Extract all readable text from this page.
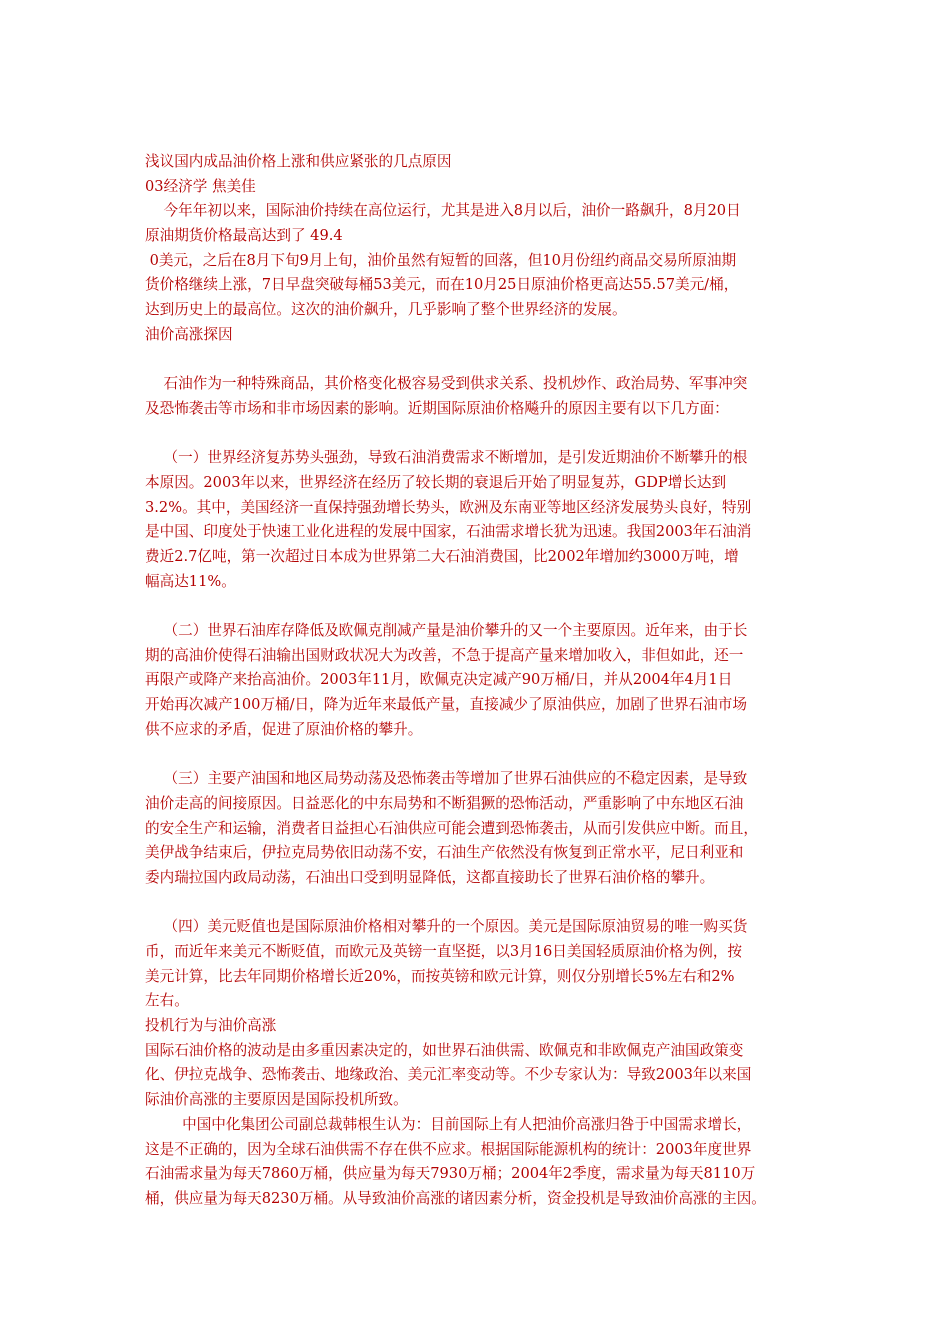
浅议国内成品油价格上涨和供应紧张的几点原因
03经济学 焦美佳
今年年初以来，国际油价持续在高位运行，尤其是进入8月以后，油价一路飙升，8月20日
原油期货价格最高达到了 49.4
0美元，之后在8月下旬9月上旬，油价虽然有短暂的回落，但10月份纽约商品交易所原油期
货价格继续上涨，7日早盘突破每桶53美元，而在10月25日原油价格更高达55.57美元/桶，
达到历史上的最高位。这次的油价飙升，几乎影响了整个世界经济的发展。
油价高涨探因
石油作为一种特殊商品，其价格变化极容易受到供求关系、投机炒作、政治局势、军事冲突
及恐怖袭击等市场和非市场因素的影响。近期国际原油价格飚升的原因主要有以下几方面：
（一）世界经济复苏势头强劲，导致石油消费需求不断增加，是引发近期油价不断攀升的根
本原因。2003年以来，世界经济在经历了较长期的衰退后开始了明显复苏，GDP增长达到
3.2%。其中，美国经济一直保持强劲增长势头，欧洲及东南亚等地区经济发展势头良好，特别
是中国、印度处于快速工业化进程的发展中国家，石油需求增长犹为迅速。我国2003年石油消
费近2.7亿吨，第一次超过日本成为世界第二大石油消费国，比2002年增加约3000万吨，增
幅高达11%。
（二）世界石油库存降低及欧佩克削减产量是油价攀升的又一个主要原因。近年来，由于长
期的高油价使得石油输出国财政状况大为改善，不急于提高产量来增加收入，非但如此，还一
再限产或降产来抬高油价。2003年11月，欧佩克决定减产90万桶/日，并从2004年4月1日
开始再次减产100万桶/日，降为近年来最低产量，直接减少了原油供应，加剧了世界石油市场
供不应求的矛盾，促进了原油价格的攀升。
（三）主要产油国和地区局势动荡及恐怖袭击等增加了世界石油供应的不稳定因素，是导致
油价走高的间接原因。日益恶化的中东局势和不断猖獗的恐怖活动，严重影响了中东地区石油
的安全生产和运输，消费者日益担心石油供应可能会遭到恐怖袭击，从而引发供应中断。而且，
美伊战争结束后，伊拉克局势依旧动荡不安，石油生产依然没有恢复到正常水平，尼日利亚和
委内瑞拉国内政局动荡，石油出口受到明显降低，这都直接助长了世界石油价格的攀升。
（四）美元贬值也是国际原油价格相对攀升的一个原因。美元是国际原油贸易的唯一购买货
币，而近年来美元不断贬值，而欧元及英镑一直坚挺，以3月16日美国轻质原油价格为例，按
美元计算，比去年同期价格增长近20%，而按英镑和欧元计算，则仅分别增长5%左右和2%
左右。
投机行为与油价高涨
国际石油价格的波动是由多重因素决定的，如世界石油供需、欧佩克和非欧佩克产油国政策变
化、伊拉克战争、恐怖袭击、地缘政治、美元汇率变动等。不少专家认为：导致2003年以来国
际油价高涨的主要原因是国际投机所致。
中国中化集团公司副总裁韩根生认为：目前国际上有人把油价高涨归咎于中国需求增长，
这是不正确的，因为全球石油供需不存在供不应求。根据国际能源机构的统计：2003年度世界
石油需求量为每天7860万桶，供应量为每天7930万桶；2004年2季度，需求量为每天8110万
桶，供应量为每天8230万桶。从导致油价高涨的诸因素分析，资金投机是导致油价高涨的主因。
